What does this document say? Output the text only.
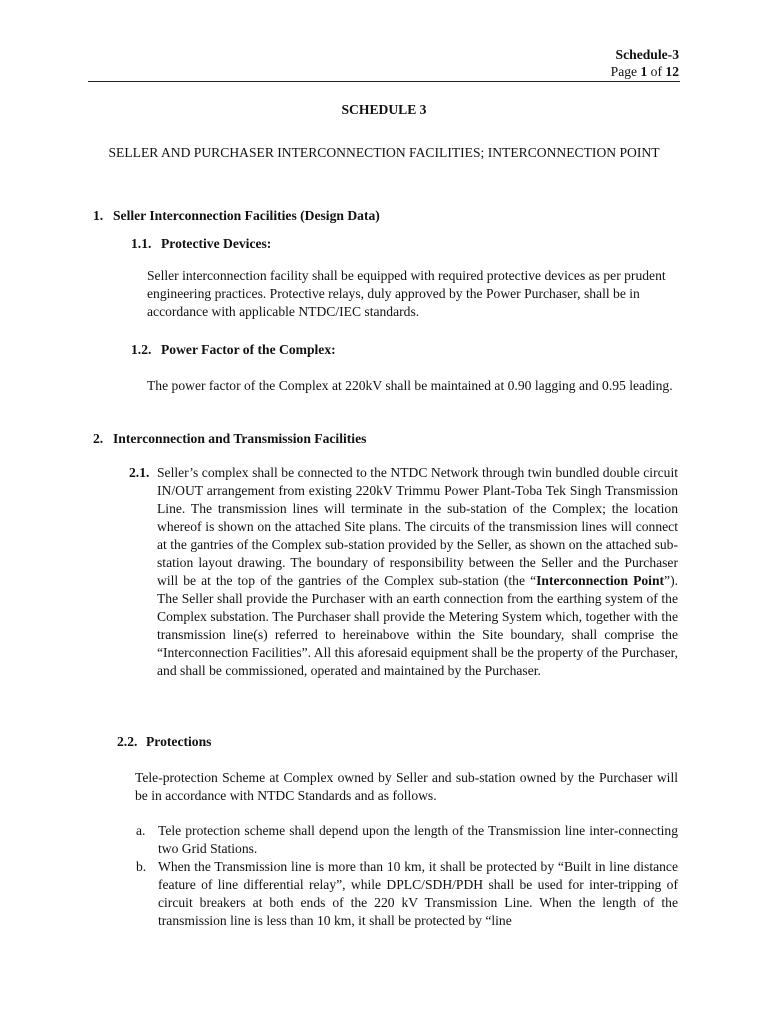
Schedule-3
Page 1 of 12
SCHEDULE 3
SELLER AND PURCHASER INTERCONNECTION FACILITIES; INTERCONNECTION POINT
1. Seller Interconnection Facilities (Design Data)
1.1. Protective Devices:

Seller interconnection facility shall be equipped with required protective devices as per prudent engineering practices. Protective relays, duly approved by the Power Purchaser, shall be in accordance with applicable NTDC/IEC standards.

1.2. Power Factor of the Complex:

The power factor of the Complex at 220kV shall be maintained at 0.90 lagging and 0.95 leading.

2. Interconnection and Transmission Facilities
2.1. Seller’s complex shall be connected to the NTDC Network through twin bundled double circuit IN/OUT arrangement from existing 220kV Trimmu Power Plant-Toba Tek Singh Transmission Line. The transmission lines will terminate in the sub-station of the Complex; the location whereof is shown on the attached Site plans. The circuits of the transmission lines will connect at the gantries of the Complex sub-station provided by the Seller, as shown on the attached sub-station layout drawing. The boundary of responsibility between the Seller and the Purchaser will be at the top of the gantries of the Complex sub-station (the “Interconnection Point”). The Seller shall provide the Purchaser with an earth connection from the earthing system of the Complex substation. The Purchaser shall provide the Metering System which, together with the transmission line(s) referred to hereinabove within the Site boundary, shall comprise the “Interconnection Facilities”. All this aforesaid equipment shall be the property of the Purchaser, and shall be commissioned, operated and maintained by the Purchaser.

2.2. Protections

Tele-protection Scheme at Complex owned by Seller and sub-station owned by the Purchaser will be in accordance with NTDC Standards and as follows.

a. Tele protection scheme shall depend upon the length of the Transmission line inter-connecting two Grid Stations.

b. When the Transmission line is more than 10 km, it shall be protected by “Built in line distance feature of line differential relay”, while DPLC/SDH/PDH shall be used for inter-tripping of circuit breakers at both ends of the 220 kV Transmission Line. When the length of the transmission line is less than 10 km, it shall be protected by “line
